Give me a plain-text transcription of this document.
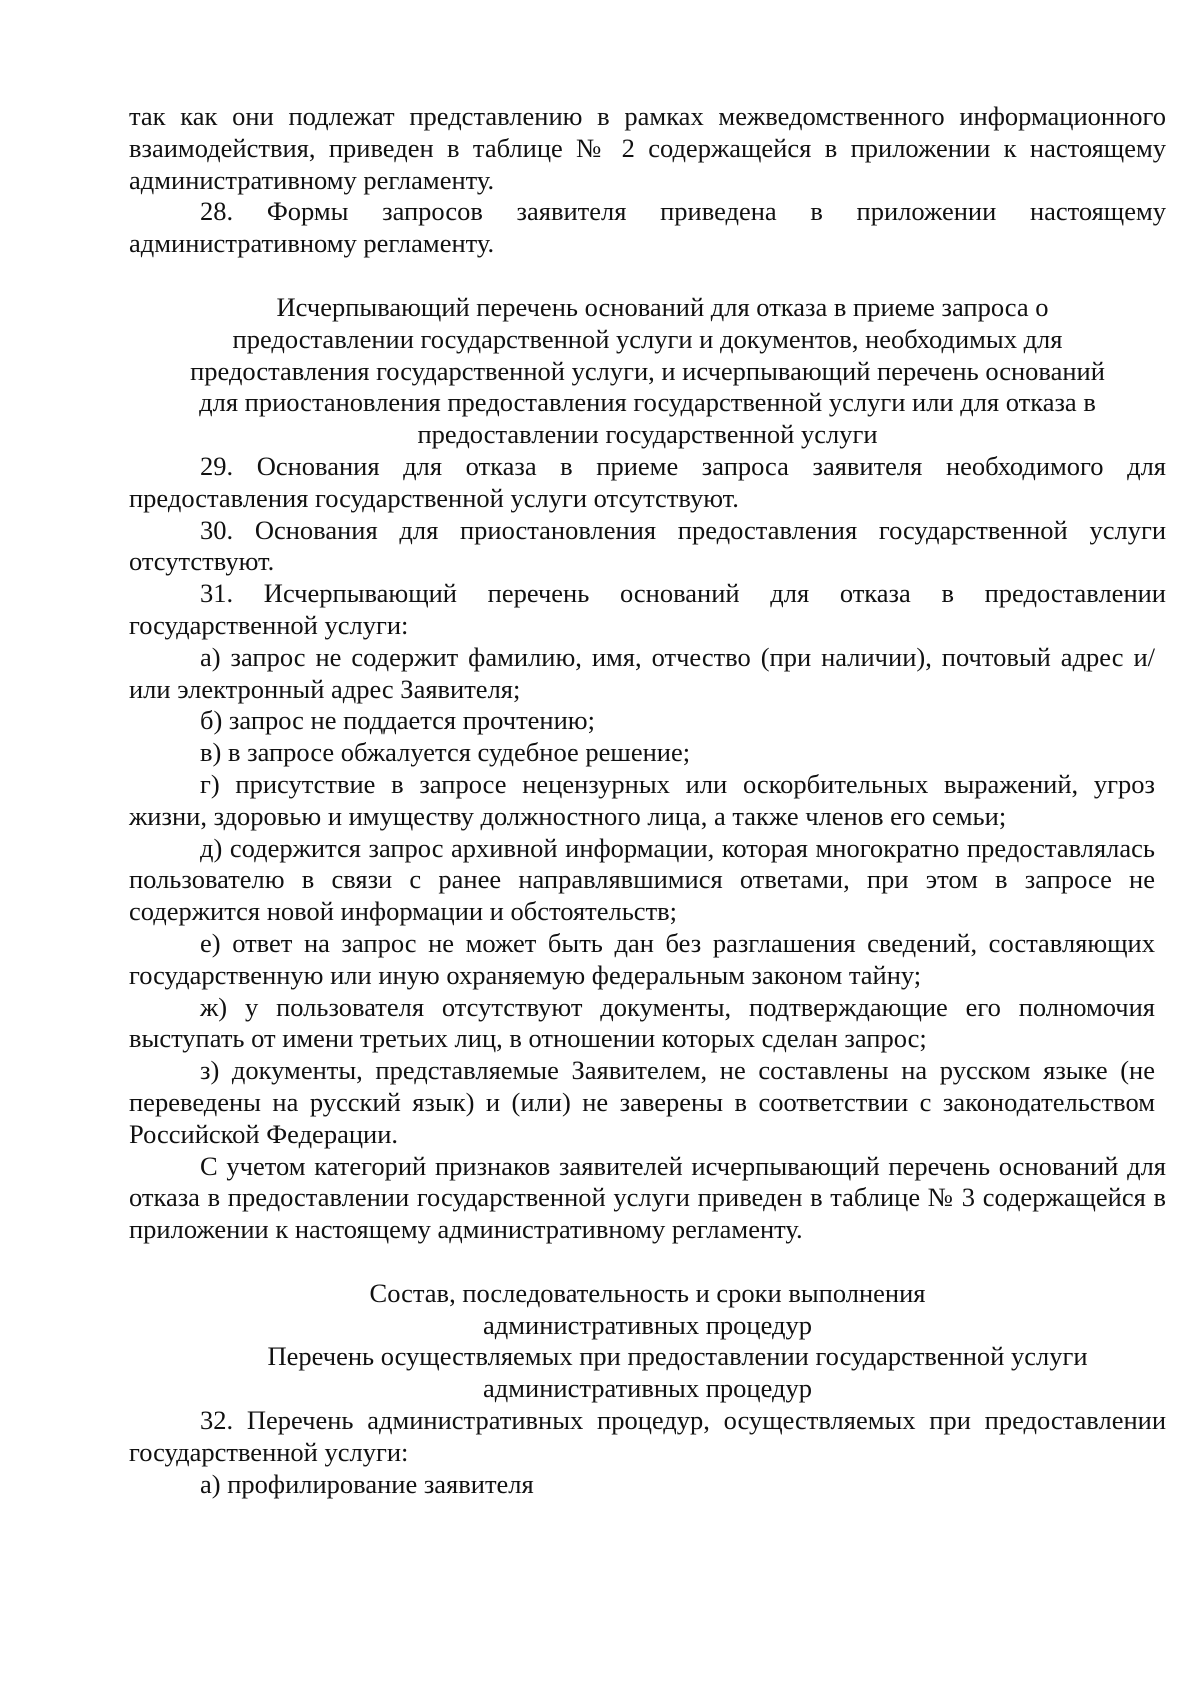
так как они подлежат представлению в рамках межведомственного информационного взаимодействия, приведен в таблице № 2 содержащейся в приложении к настоящему административному регламенту.

28. Формы запросов заявителя приведена в приложении настоящему административному регламенту.

Исчерпывающий перечень оснований для отказа в приеме запроса о

предоставлении государственной услуги и документов, необходимых для

предоставления государственной услуги, и исчерпывающий перечень оснований

для приостановления предоставления государственной услуги или для отказа в

предоставлении государственной услуги

29. Основания для отказа в приеме запроса заявителя необходимого для предоставления государственной услуги отсутствуют.

30. Основания для приостановления предоставления государственной услуги отсутствуют.

31. Исчерпывающий перечень оснований для отказа в предоставлении государственной услуги:

а) запрос не содержит фамилию, имя, отчество (при наличии), почтовый адрес и/или электронный адрес Заявителя;

б) запрос не поддается прочтению;

в) в запросе обжалуется судебное решение;

г) присутствие в запросе нецензурных или оскорбительных выражений, угроз жизни, здоровью и имуществу должностного лица, а также членов его семьи;

д) содержится запрос архивной информации, которая многократно предоставлялась пользователю в связи с ранее направлявшимися ответами, при этом в запросе не содержится новой информации и обстоятельств;

е) ответ на запрос не может быть дан без разглашения сведений, составляющих государственную или иную охраняемую федеральным законом тайну;

ж) у пользователя отсутствуют документы, подтверждающие его полномочия выступать от имени третьих лиц, в отношении которых сделан запрос;

з) документы, представляемые Заявителем, не составлены на русском языке (не переведены на русский язык) и (или) не заверены в соответствии с законодательством Российской Федерации.

С учетом категорий признаков заявителей исчерпывающий перечень оснований для отказа в предоставлении государственной услуги приведен в таблице № 3 содержащейся в приложении к настоящему административному регламенту.

Состав, последовательность и сроки выполнения

административных процедур

Перечень осуществляемых при предоставлении государственной услуги

административных процедур

32. Перечень административных процедур, осуществляемых при предоставлении государственной услуги:

а) профилирование заявителя
